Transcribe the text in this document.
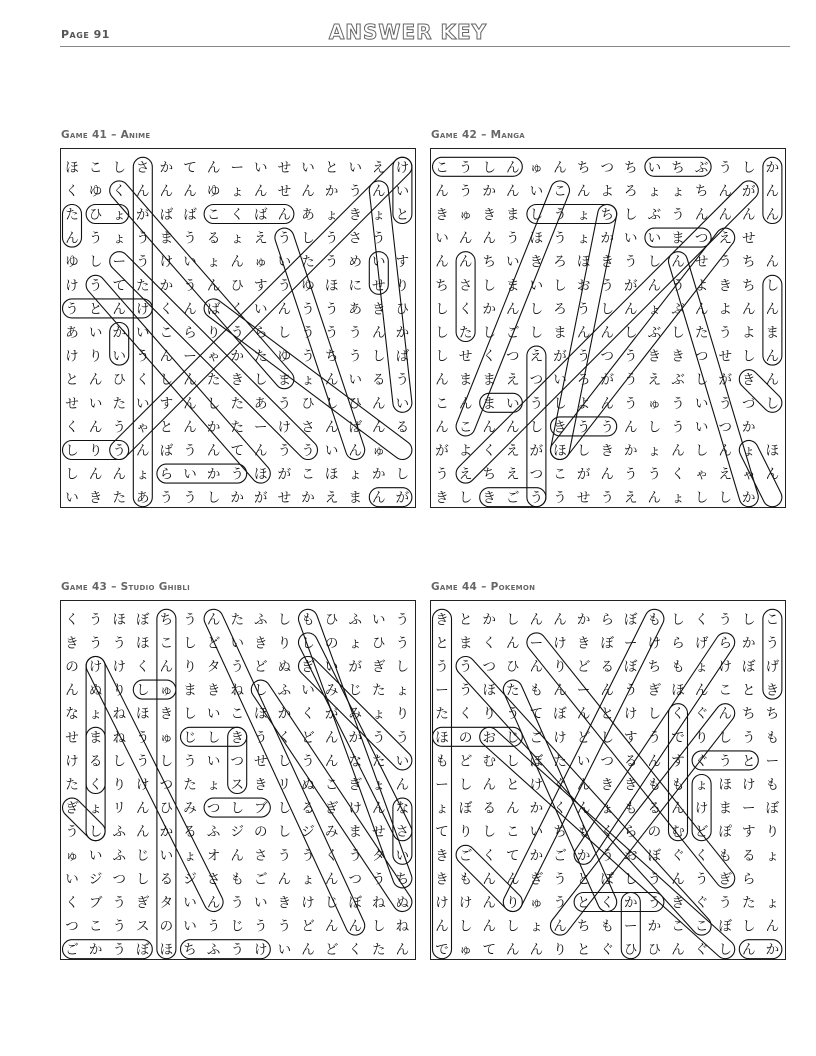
Page 91	ANSWER KEY
Game 41 – Anime
ほ こ し さ か て ん ー い せ い と い え け
く ゆ く ん ん ん ゆ ょ ん せ ん か う ん い
た ひ ょ が ば ば こ く ば ん あ ょ き ょ と
ん う ょ う ま う る ょ え う し う さ う
ゆ し ー う け い ょ ん ゅ い た う め い す
け う て た か う ん ひ す う ゆ ほ に せ り
う と ん け く ん ば く い ん う う あ き ひ
あ い か い こ ら り う ら し う う う ん か
け り い う ん ー ゃ か た ゆ う ち う し ば
と ん ひ く し ん た き し ま ょ ん い る う
せ い た い す ん し た あ う ひ し ひ ん い
く ん う ゃ と ん か た ー け さ ん ば ん る
し り う ん ば う ん て ん う う い ん ゅ
し ん ん ょ ら い か う ほ が こ ほ ょ か し
い き た あ う う し か が せ か え ま ん が
Game 42 – Manga
こ う し ん ゅ ん ち つ ち い ち ぶ う し か
ん う か ん い こ ん よ ろ ょ ょ ち ん が ん
き ゅ き ま し う ょ ち し ぶ う ん ん ん ん
い ん ん う ほ う ょ か い い ま つ え せ
ん ん ち い き ろ ほ き う し ん せ う ち ん
ち さ し ま い し お う が ん う よ き ち し
し く か ん し ろ う し ん ょ ぶ ん よ ん ん
し た し ご し ま ん ん し ぶ し た う よ ま
し せ く つ え が う つ う き き つ せ し ん
ん ま ま え つ い ろ が う え ぶ し が き ん
こ ん ま い う し よ ん う ゅ う い う づ し
ん こ ん ん し き う う ん し う い つ か
が よ く え が ほ し き か ょ ん し ん ょ ほ
う え ち え つ こ が ん う う く ゃ え ゃ ん
き し き ご う う せ う え ん ょ し し か
Game 43 – Studio Ghibli
く う ほ ぼ ち う ん た ふ し も ひ ふ い う
き う う ほ こ し ど い き り し の ょ ひ う
の け け く ん り タ う ど ぬ ぎ い が ぎ し
ん ぬ り し ゅ ま き ね し ふ い み じ た ょ
な ょ ね ほ き し い こ ほ か く が み ょ り
せ ま ね う ゅ じ し き う く ど ん か う う
け る し う し う い つ せ し う ん な た い
た く り け つ た ょ ス き リ ぬ こ ぎ ょ ん
ぎ ょ リ ん ひ み つ し ブ し る ぎ け ん な
う し ふ ん か る ふ ジ の し ジ み ま せ さ
ゅ い ふ じ い ょ オ ん さ う う く う タ い
い ジ つ し る ジ さ も ご ん ょ ん つ う ち
く ブ う ぎ タ い ん う い き け じ ぼ ね ぬ
つ こ う ス の い う じ う う ど ん ん し ね
ご か う ぼ ほ ち ふ う け い ん ど く た ん
Game 44 – Pokemon
き と か し ん ん か ら ぼ も し く う し こ
と ま く ん ー け き ぼ ー け ら げ ら か う
う う つ ひ ん り ど る ぼ ち も ょ け ぼ げ
ー う ほ た も ん ー ん う ぎ ほ ん こ と き
た く り う て ぼ ん と け し く ぐ ん ち ち
ほ の お じ ご け ど し す う で り し う も
も ど む し ぼ た い つ る ん す ぐ う と ー
ー し ん と け ぐ ん き き も も ょ ほ け も
ょ ぼ る ん か く ん ょ も る ん け ま ー ぼ
て り し こ い ち も く ら の む ど ぽ す り
き ご く て か ご か う お ぼ ぐ く も る ょ
き も ん ん ぎ う と ぽ し う ん う ぎ ら
け け ん り ゅ う と く か う き ぐ う た ょ
ん し ん し ょ ん ち も ー か こ こ ぼ し ん
で ゅ て ん ん り と ぐ ひ ひ ん ぐ し ん か
